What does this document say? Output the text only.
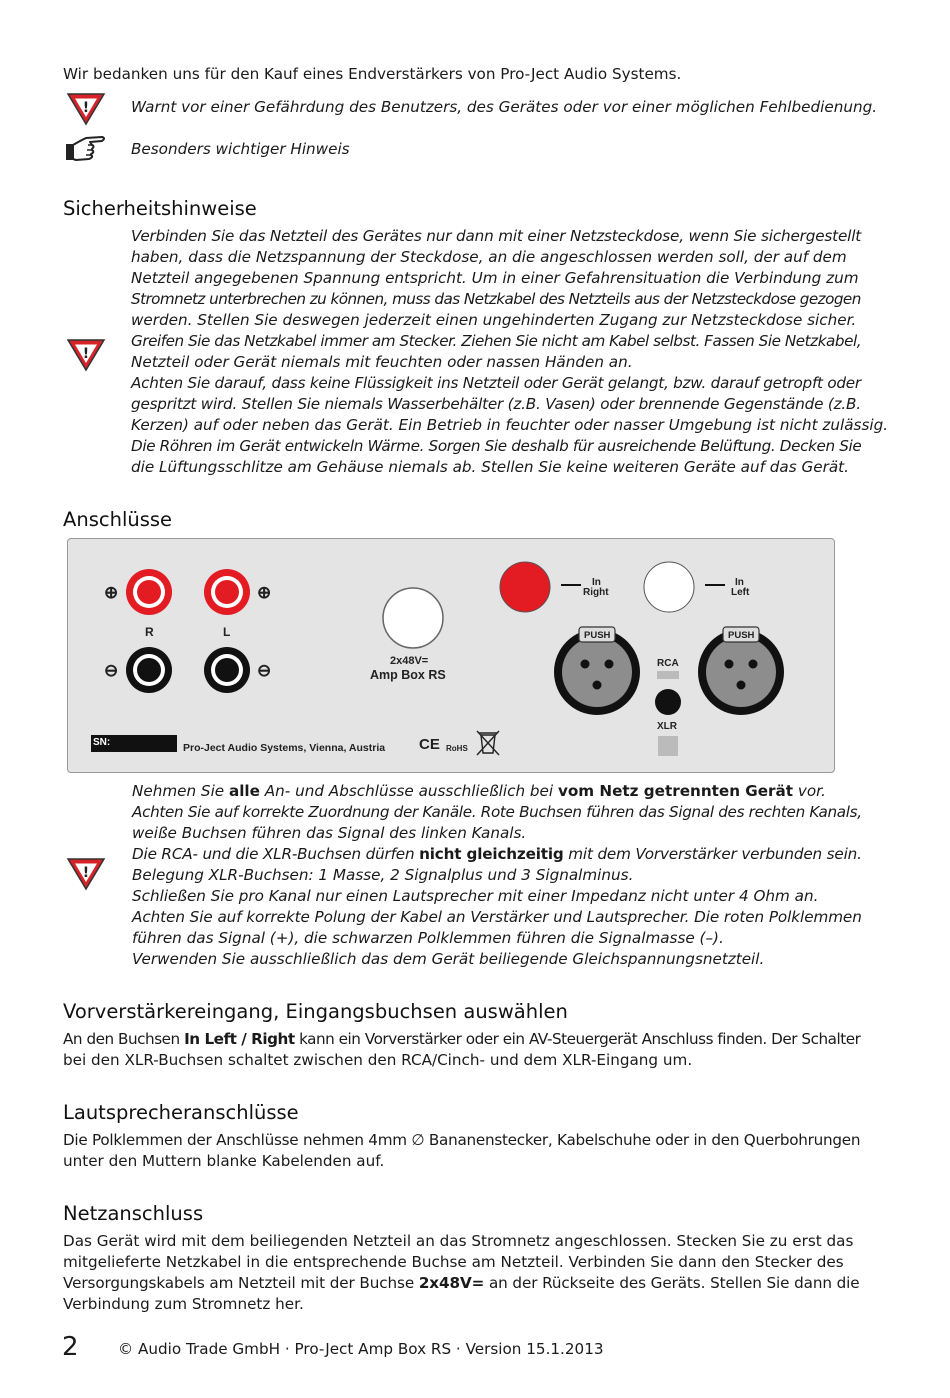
Wir bedanken uns für den Kauf eines Endverstärkers von Pro-Ject Audio Systems.
!	Warnt vor einer Gefährdung des Benutzers, des Gerätes oder vor einer möglichen Fehlbedienung.
Besonders wichtiger Hinweis
Sicherheitshinweise
!
Verbinden Sie das Netzteil des Gerätes nur dann mit einer Netzsteckdose, wenn Sie sichergestellt
haben, dass die Netzspannung der Steckdose, an die angeschlossen werden soll, der auf dem
Netzteil angegebenen Spannung entspricht. Um in einer Gefahrensituation die Verbindung zum
Stromnetz unterbrechen zu können, muss das Netzkabel des Netzteils aus der Netzsteckdose gezogen
werden. Stellen Sie deswegen jederzeit einen ungehinderten Zugang zur Netzsteckdose sicher.
Greifen Sie das Netzkabel immer am Stecker. Ziehen Sie nicht am Kabel selbst. Fassen Sie Netzkabel,
Netzteil oder Gerät niemals mit feuchten oder nassen Händen an.
Achten Sie darauf, dass keine Flüssigkeit ins Netzteil oder Gerät gelangt, bzw. darauf getropft oder
gespritzt wird. Stellen Sie niemals Wasserbehälter (z.B. Vasen) oder brennende Gegenstände (z.B.
Kerzen) auf oder neben das Gerät. Ein Betrieb in feuchter oder nasser Umgebung ist nicht zulässig.
Die Röhren im Gerät entwickeln Wärme. Sorgen Sie deshalb für ausreichende Belüftung. Decken Sie
die Lüftungsschlitze am Gehäuse niemals ab. Stellen Sie keine weiteren Geräte auf das Gerät.
Anschlüsse
⊕	⊕
⊖	⊖
R	L
2x48V=
Amp Box RS
In
Right
In
Left
PUSH	PUSH
RCA
XLR
SN:	Pro-Ject Audio Systems, Vienna, Austria CE RoHS
!
Nehmen Sie alle An- und Abschlüsse ausschließlich bei vom Netz getrennten Gerät vor.
Achten Sie auf korrekte Zuordnung der Kanäle. Rote Buchsen führen das Signal des rechten Kanals,
weiße Buchsen führen das Signal des linken Kanals.
Die RCA- und die XLR-Buchsen dürfen nicht gleichzeitig mit dem Vorverstärker verbunden sein.
Belegung XLR-Buchsen: 1 Masse, 2 Signalplus und 3 Signalminus.
Schließen Sie pro Kanal nur einen Lautsprecher mit einer Impedanz nicht unter 4 Ohm an.
Achten Sie auf korrekte Polung der Kabel an Verstärker und Lautsprecher. Die roten Polklemmen
führen das Signal (+), die schwarzen Polklemmen führen die Signalmasse (–).
Verwenden Sie ausschließlich das dem Gerät beiliegende Gleichspannungsnetzteil.
Vorverstärkereingang, Eingangsbuchsen auswählen
An den Buchsen In Left / Right kann ein Vorverstärker oder ein AV-Steuergerät Anschluss finden. Der Schalter
bei den XLR-Buchsen schaltet zwischen den RCA/Cinch- und dem XLR-Eingang um.
Lautsprecheranschlüsse
Die Polklemmen der Anschlüsse nehmen 4mm ∅ Bananenstecker, Kabelschuhe oder in den Querbohrungen
unter den Muttern blanke Kabelenden auf.
Netzanschluss
Das Gerät wird mit dem beiliegenden Netzteil an das Stromnetz angeschlossen. Stecken Sie zu erst das
mitgelieferte Netzkabel in die entsprechende Buchse am Netzteil. Verbinden Sie dann den Stecker des
Versorgungskabels am Netzteil mit der Buchse 2x48V= an der Rückseite des Geräts. Stellen Sie dann die
Verbindung zum Stromnetz her.
2	© Audio Trade GmbH · Pro-Ject Amp Box RS · Version 15.1.2013
